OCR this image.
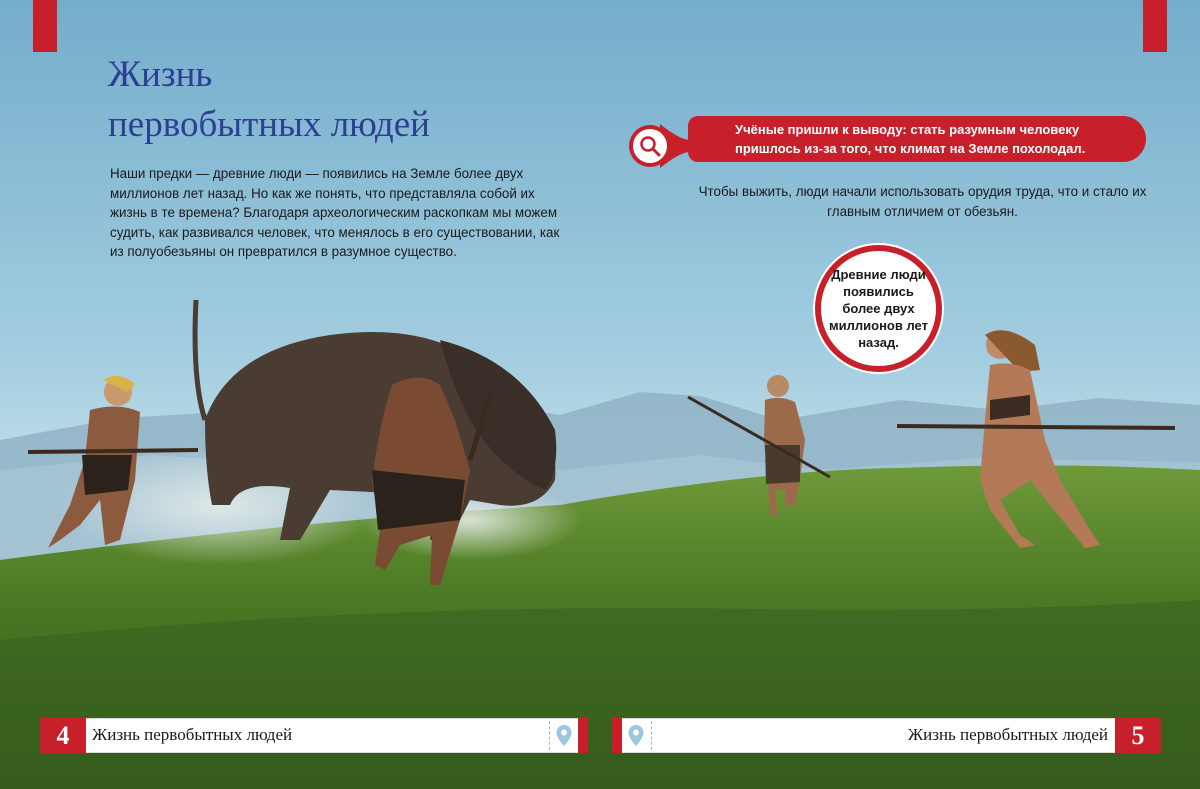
Жизнь
первобытных людей

Наши предки — древние люди — появились на Земле более двух миллионов лет назад. Но как же понять, что представляла собой их жизнь в те времена? Благодаря археологическим раскопкам мы можем судить, как развивался человек, что менялось в его существовании, как из полуобезьяны он превратился в разумное существо.

Учёные пришли к выводу: стать разумным человеку пришлось из-за того, что климат на Земле похолодал.

Чтобы выжить, люди начали использовать орудия труда, что и стало их главным отличием от обезьян.

Древние люди появились более двух миллионов лет назад.

4	Жизнь первобытных людей	Жизнь первобытных людей 5
